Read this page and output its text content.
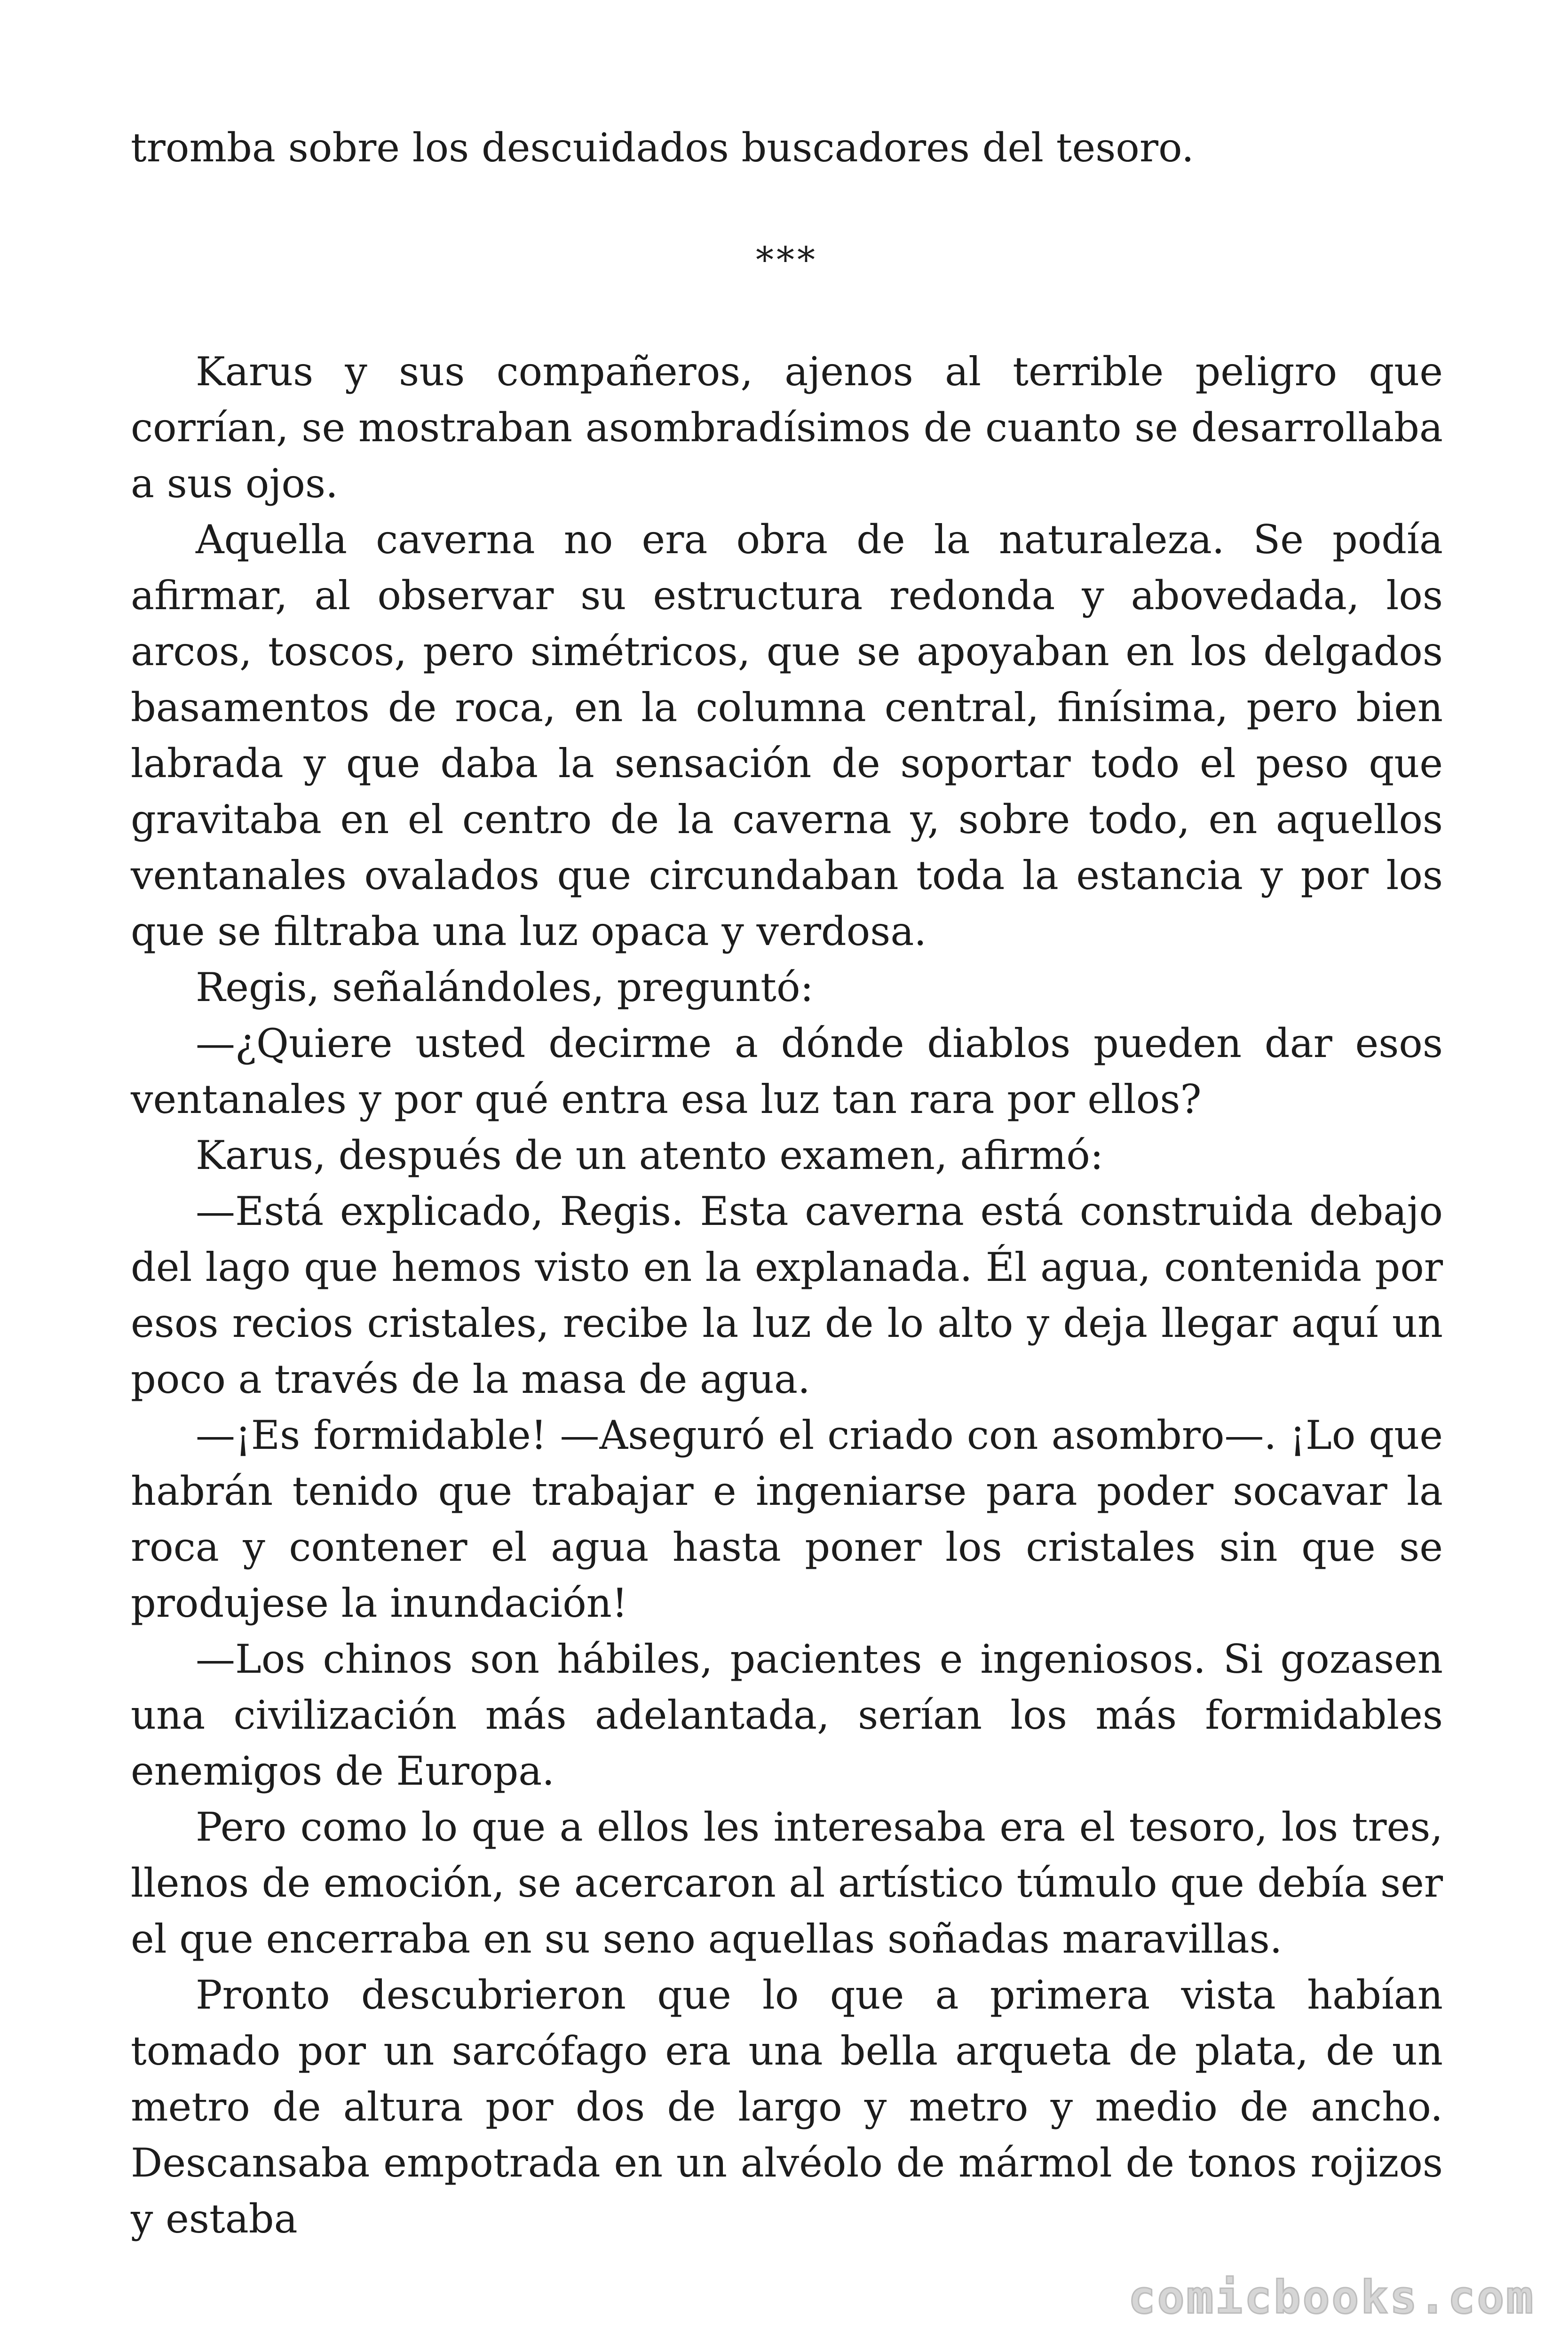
tromba sobre los descuidados buscadores del tesoro.

***

Karus y sus compañeros, ajenos al terrible peligro que corrían, se mostraban asombradísimos de cuanto se desarrollaba a sus ojos.

Aquella caverna no era obra de la naturaleza. Se podía afirmar, al observar su estructura redonda y abovedada, los arcos, toscos, pero simétricos, que se apoyaban en los delgados basamentos de roca, en la columna central, finísima, pero bien labrada y que daba la sensación de soportar todo el peso que gravitaba en el centro de la caverna y, sobre todo, en aquellos ventanales ovalados que circundaban toda la estancia y por los que se filtraba una luz opaca y verdosa.

Regis, señalándoles, preguntó:

—¿Quiere usted decirme a dónde diablos pueden dar esos ventanales y por qué entra esa luz tan rara por ellos?

Karus, después de un atento examen, afirmó:

—Está explicado, Regis. Esta caverna está construida debajo del lago que hemos visto en la explanada. Él agua, contenida por esos recios cristales, recibe la luz de lo alto y deja llegar aquí un poco a través de la masa de agua.

—¡Es formidable! —Aseguró el criado con asombro—. ¡Lo que habrán tenido que trabajar e ingeniarse para poder socavar la roca y contener el agua hasta poner los cristales sin que se produjese la inundación!

—Los chinos son hábiles, pacientes e ingeniosos. Si gozasen una civilización más adelantada, serían los más formidables enemigos de Europa.

Pero como lo que a ellos les interesaba era el tesoro, los tres, llenos de emoción, se acercaron al artístico túmulo que debía ser el que encerraba en su seno aquellas soñadas maravillas.

Pronto descubrieron que lo que a primera vista habían tomado por un sarcófago era una bella arqueta de plata, de un metro de altura por dos de largo y metro y medio de ancho. Descansaba empotrada en un alvéolo de mármol de tonos rojizos y estaba

comicbooks.com
